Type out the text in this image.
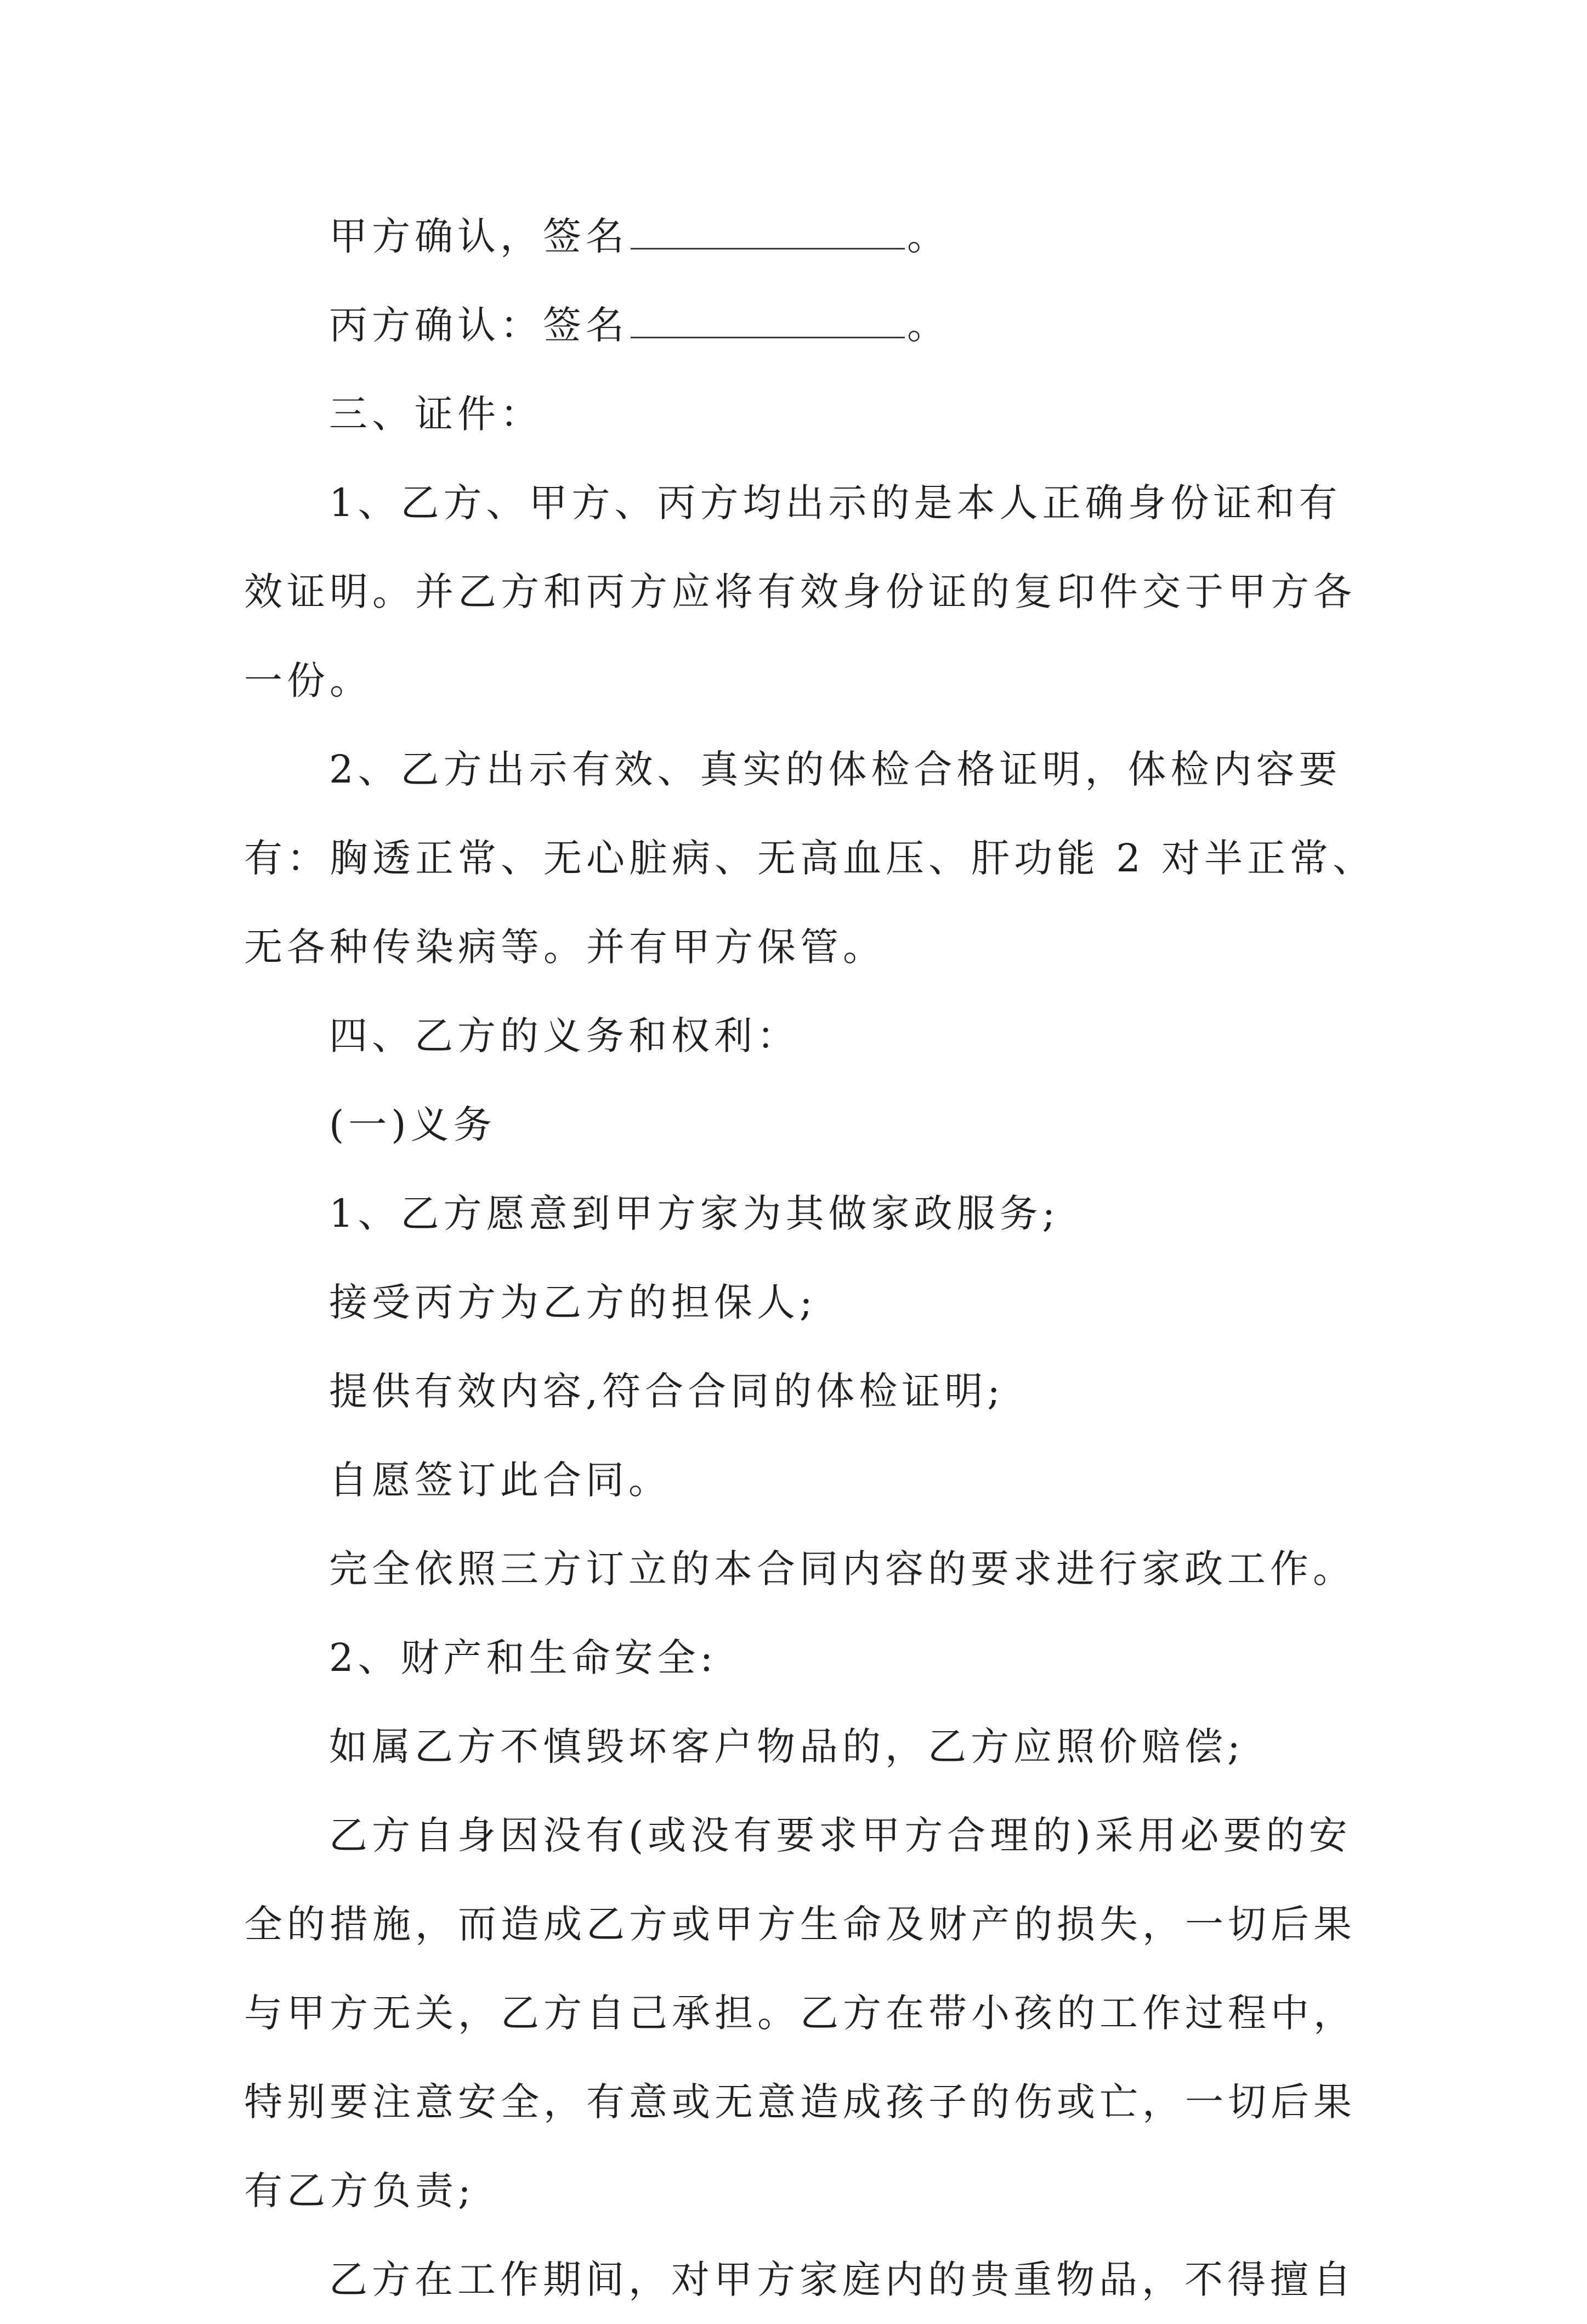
甲方确认，签名	。
丙方确认：签名	。
三、证件：
1、乙方、甲方、丙方均出示的是本人正确身份证和有
效证明。并乙方和丙方应将有效身份证的复印件交于甲方各
一份。
2、乙方出示有效、真实的体检合格证明，体检内容要
有：胸透正常、无心脏病、无高血压、肝功能 2 对半正常、
无各种传染病等。并有甲方保管。
四、乙方的义务和权利：
(一)义务
1、乙方愿意到甲方家为其做家政服务;
接受丙方为乙方的担保人;
提供有效内容,符合合同的体检证明;
自愿签订此合同。
完全依照三方订立的本合同内容的要求进行家政工作。
2、财产和生命安全:
如属乙方不慎毁坏客户物品的，乙方应照价赔偿;
乙方自身因没有(或没有要求甲方合理的)采用必要的安
全的措施，而造成乙方或甲方生命及财产的损失，一切后果
与甲方无关，乙方自己承担。乙方在带小孩的工作过程中，
特别要注意安全，有意或无意造成孩子的伤或亡，一切后果
有乙方负责;
乙方在工作期间，对甲方家庭内的贵重物品，不得擅自
